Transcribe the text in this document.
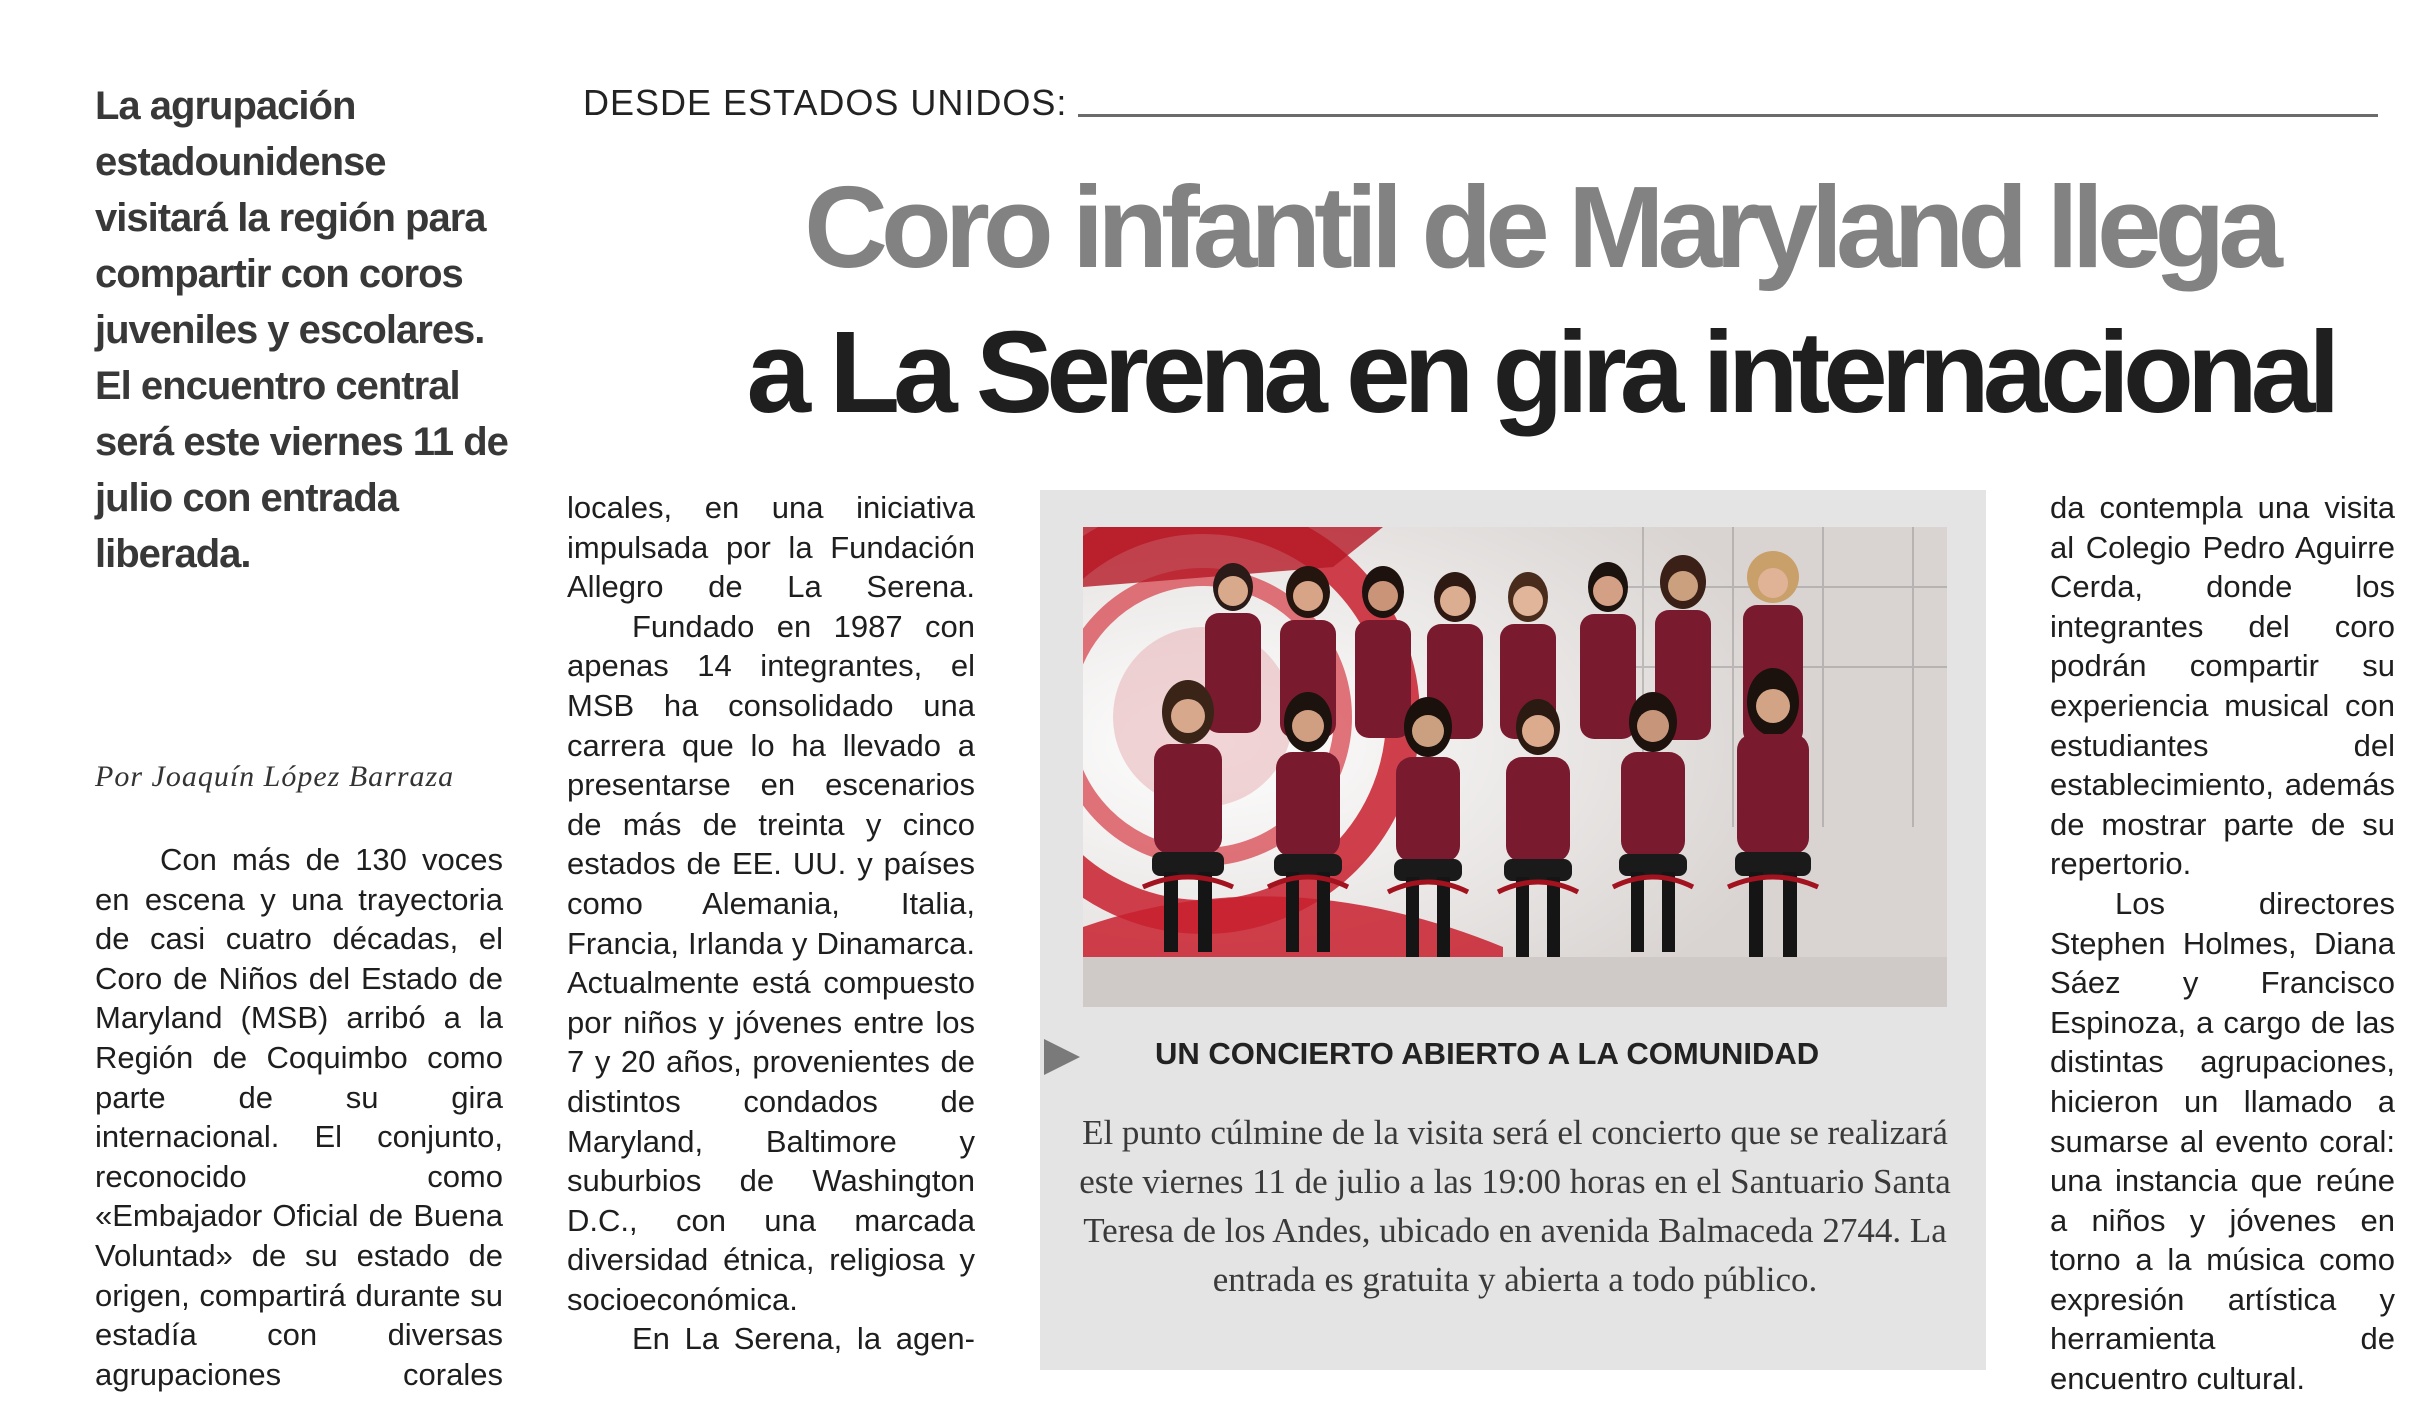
La agrupación estadounidense visitará la región para compartir con coros juveniles y escolares. El encuentro central será este viernes 11 de julio con entrada liberada.
Por Joaquín López Barraza

Con más de 130 voces en escena y una trayectoria de casi cuatro décadas, el Coro de Niños del Estado de Maryland (MSB) arribó a la Región de Coquimbo como parte de su gira internacional. El conjunto, reconocido como «Embajador Oficial de Buena Voluntad» de su estado de origen, compartirá durante su estadía con diversas agrupaciones corales

DESDE ESTADOS UNIDOS:
Coro infantil de Maryland llega
a La Serena en gira internacional

locales, en una iniciativa impulsada por la Fundación Allegro de La Serena.

Fundado en 1987 con apenas 14 integrantes, el MSB ha consolidado una carrera que lo ha llevado a presentarse en escenarios de más de treinta y cinco estados de EE. UU. y países como Alemania, Italia, Francia, Irlanda y Dinamarca. Actualmente está compuesto por niños y jóvenes entre los 7 y 20 años, provenientes de distintos condados de Maryland, Baltimore y suburbios de Washington D.C., con una marcada diversidad étnica, religiosa y socioeconómica.

En La Serena, la agen-

UN CONCIERTO ABIERTO A LA COMUNIDAD
El punto cúlmine de la visita será el concierto que se realizará este viernes 11 de julio a las 19:00 horas en el Santuario Santa Teresa de los Andes, ubicado en avenida Balmaceda 2744. La entrada es gratuita y abierta a todo público.

da contempla una visita al Colegio Pedro Aguirre Cerda, donde los integrantes del coro podrán compartir su experiencia musical con estudiantes del establecimiento, además de mostrar parte de su repertorio.

Los directores Stephen Holmes, Diana Sáez y Francisco Espinoza, a cargo de las distintas agrupaciones, hicieron un llamado a sumarse al evento coral: una instancia que reúne a niños y jóvenes en torno a la música como expresión artística y herramienta de encuentro cultural.
